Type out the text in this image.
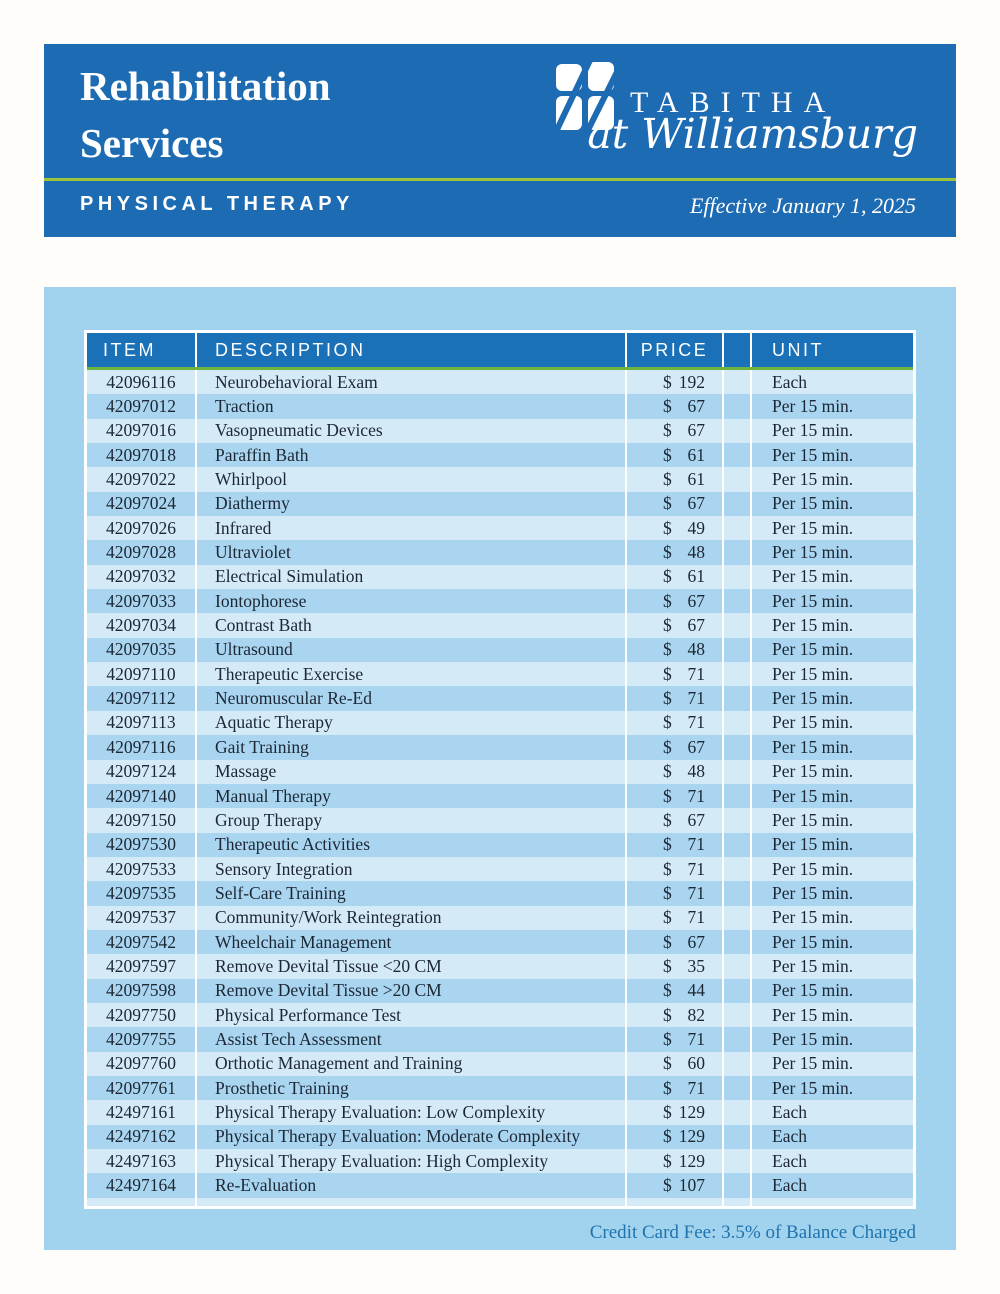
Rehabilitation
Services
TABITHA
at Williamsburg
PHYSICAL THERAPY	Effective January 1, 2025
ITEM	DESCRIPTION	PRICE	UNIT
42096116	Neurobehavioral Exam	$ 192	Each
42097012	Traction	$ 67	Per 15 min.
42097016	Vasopneumatic Devices	$ 67	Per 15 min.
42097018	Paraffin Bath	$ 61	Per 15 min.
42097022	Whirlpool	$ 61	Per 15 min.
42097024	Diathermy	$ 67	Per 15 min.
42097026	Infrared	$ 49	Per 15 min.
42097028	Ultraviolet	$ 48	Per 15 min.
42097032	Electrical Simulation	$ 61	Per 15 min.
42097033	Iontophorese	$ 67	Per 15 min.
42097034	Contrast Bath	$ 67	Per 15 min.
42097035	Ultrasound	$ 48	Per 15 min.
42097110	Therapeutic Exercise	$ 71	Per 15 min.
42097112	Neuromuscular Re-Ed	$ 71	Per 15 min.
42097113	Aquatic Therapy	$ 71	Per 15 min.
42097116	Gait Training	$ 67	Per 15 min.
42097124	Massage	$ 48	Per 15 min.
42097140	Manual Therapy	$ 71	Per 15 min.
42097150	Group Therapy	$ 67	Per 15 min.
42097530	Therapeutic Activities	$ 71	Per 15 min.
42097533	Sensory Integration	$ 71	Per 15 min.
42097535	Self-Care Training	$ 71	Per 15 min.
42097537	Community/Work Reintegration	$ 71	Per 15 min.
42097542	Wheelchair Management	$ 67	Per 15 min.
42097597	Remove Devital Tissue <20 CM	$ 35	Per 15 min.
42097598	Remove Devital Tissue >20 CM	$ 44	Per 15 min.
42097750	Physical Performance Test	$ 82	Per 15 min.
42097755	Assist Tech Assessment	$ 71	Per 15 min.
42097760	Orthotic Management and Training	$ 60	Per 15 min.
42097761	Prosthetic Training	$ 71	Per 15 min.
42497161	Physical Therapy Evaluation: Low Complexity	$ 129	Each
42497162	Physical Therapy Evaluation: Moderate Complexity	$ 129	Each
42497163	Physical Therapy Evaluation: High Complexity	$ 129	Each
42497164	Re-Evaluation	$ 107	Each
Credit Card Fee: 3.5% of Balance Charged
